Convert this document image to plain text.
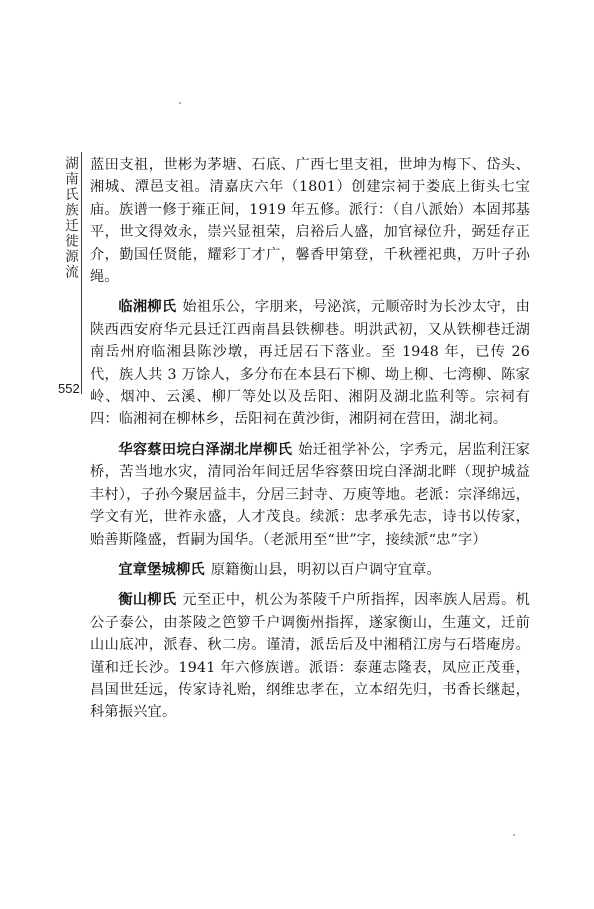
湖南氏族迁徙源流
552

蓝田支祖，世彬为茅塘、石底、广西七里支祖，世坤为梅下、岱头、湘城、潭邑支祖。清嘉庆六年（1801）创建宗祠于娄底上街头七宝庙。族谱一修于雍正间，1919 年五修。派行：（自八派始）本固邦基平，世文得效永，崇兴显祖荣，启裕后人盛，加官禄位升，弼廷存正介，勤国任贤能，耀彩丁才广，馨香甲第登，千秋禋祀典，万叶子孙绳。

临湘柳氏 始祖乐公，字朋来，号泌滨，元顺帝时为长沙太守，由陕西西安府华元县迁江西南昌县铁柳巷。明洪武初，又从铁柳巷迁湖南岳州府临湘县陈沙墩，再迁居石下落业。至 1948 年，已传 26 代，族人共 3 万馀人，多分布在本县石下柳、坳上柳、七湾柳、陈家岭、烟冲、云溪、柳厂等处以及岳阳、湘阴及湖北监利等。宗祠有四：临湘祠在柳林乡，岳阳祠在黄沙街，湘阴祠在营田，湖北祠。

华容蔡田垸白泽湖北岸柳氏 始迁祖学补公，字秀元，居监利汪家桥，苦当地水灾，清同治年间迁居华容蔡田垸白泽湖北畔（现护城益丰村），子孙今聚居益丰，分居三封寺、万庾等地。老派：宗泽绵远，学文有光，世祚永盛，人才茂良。续派：忠孝承先志，诗书以传家，贻善斯隆盛，哲嗣为国华。（老派用至“世”字，接续派“忠”字）

宜章堡城柳氏 原籍衡山县，明初以百户调守宜章。

衡山柳氏 元至正中，机公为茶陵千户所指挥，因率族人居焉。机公子泰公，由茶陵之笆箩千户调衡州指挥，遂家衡山，生蓮文，迁前山山底冲，派春、秋二房。谨清，派岳后及中湘稍江房与石塔庵房。谨和迁长沙。1941 年六修族谱。派语：泰蓮志隆表，凤应正茂垂，昌国世廷远，传家诗礼贻，纲维忠孝在，立本绍先归，书香长继起，科第振兴宜。
